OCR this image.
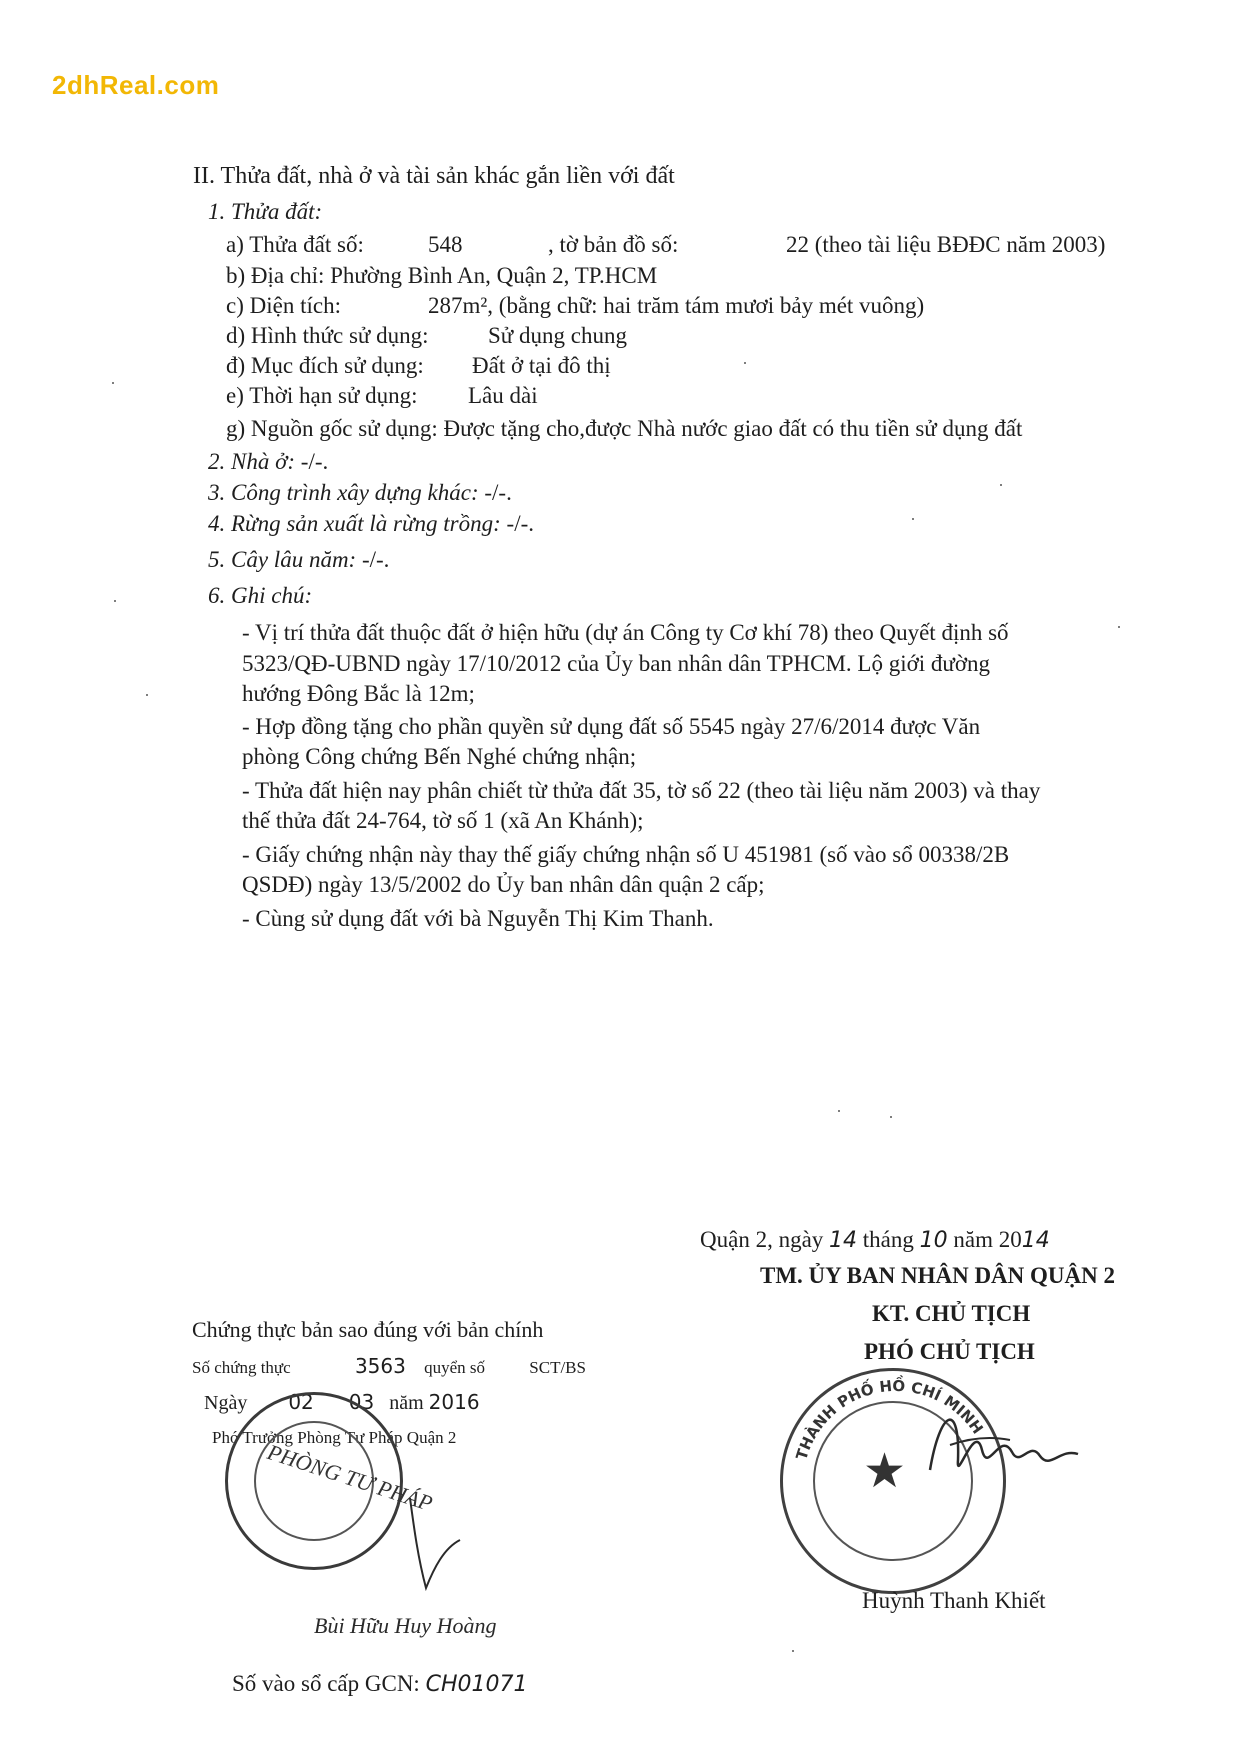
2dhReal.com
II. Thửa đất, nhà ở và tài sản khác gắn liền với đất
1. Thửa đất:
a) Thửa đất số:	548	, tờ bản đồ số:	22 (theo tài liệu BĐĐC năm 2003)
b) Địa chỉ: Phường Bình An, Quận 2, TP.HCM
c) Diện tích:	287m², (bằng chữ: hai trăm tám mươi bảy mét vuông)
d) Hình thức sử dụng:	Sử dụng chung
đ) Mục đích sử dụng: Đất ở tại đô thị
e) Thời hạn sử dụng: Lâu dài
g) Nguồn gốc sử dụng: Được tặng cho,được Nhà nước giao đất có thu tiền sử dụng đất
2. Nhà ở: -/-.
3. Công trình xây dựng khác: -/-.
4. Rừng sản xuất là rừng trồng: -/-.
5. Cây lâu năm: -/-.
6. Ghi chú:
- Vị trí thửa đất thuộc đất ở hiện hữu (dự án Công ty Cơ khí 78) theo Quyết định số
5323/QĐ-UBND ngày 17/10/2012 của Ủy ban nhân dân TPHCM. Lộ giới đường
hướng Đông Bắc là 12m;
- Hợp đồng tặng cho phần quyền sử dụng đất số 5545 ngày 27/6/2014 được Văn
phòng Công chứng Bến Nghé chứng nhận;
- Thửa đất hiện nay phân chiết từ thửa đất 35, tờ số 22 (theo tài liệu năm 2003) và thay
thế thửa đất 24-764, tờ số 1 (xã An Khánh);
- Giấy chứng nhận này thay thế giấy chứng nhận số U 451981 (số vào sổ 00338/2B
QSDĐ) ngày 13/5/2002 do Ủy ban nhân dân quận 2 cấp;
- Cùng sử dụng đất với bà Nguyễn Thị Kim Thanh.
Quận 2, ngày 14 tháng 10 năm 2014
TM. ỦY BAN NHÂN DÂN QUẬN 2
KT. CHỦ TỊCH
PHÓ CHỦ TỊCH
★
THÀNH PHỐ HỒ CHÍ MINH
Huỳnh Thanh Khiết
Chứng thực bản sao đúng với bản chính
Số chứng thực	3563 quyển số	SCT/BS
Ngày 02 03 năm 2016
Phó Trưởng Phòng Tư Pháp Quận 2
PHÒNG TƯ PHÁP
Bùi Hữu Huy Hoàng
Số vào sổ cấp GCN: CH01071
